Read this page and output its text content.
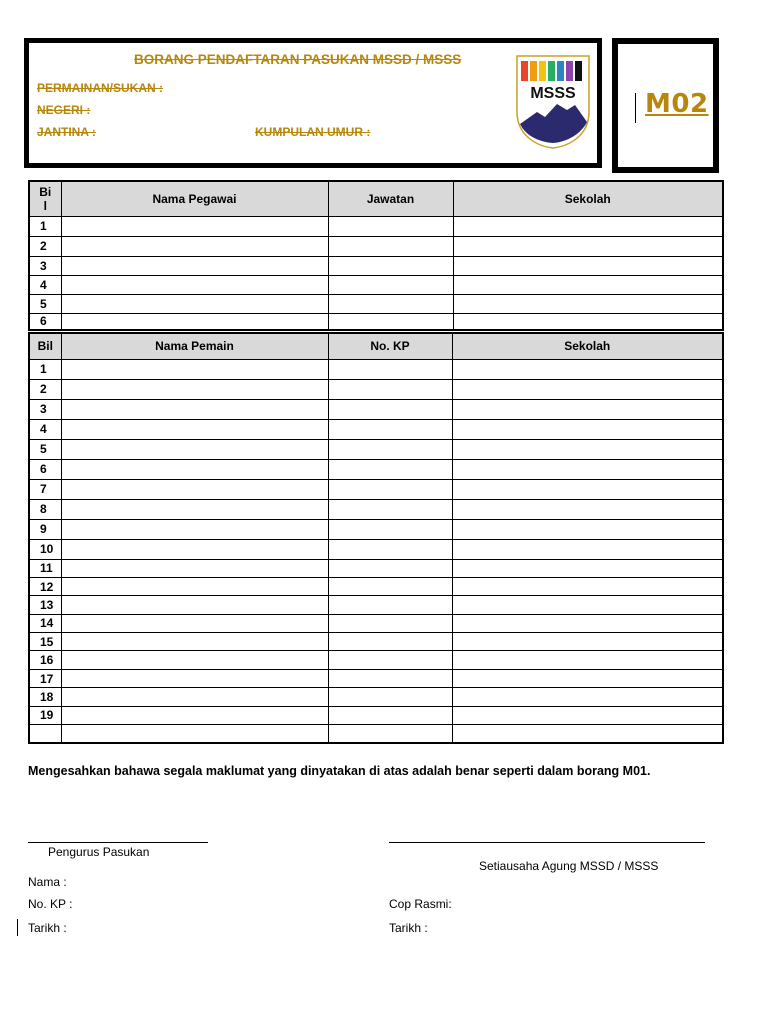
BORANG PENDAFTARAN PASUKAN MSSD / MSSS
PERMAINAN/SUKAN :
NEGERI :
JANTINA :	KUMPULAN UMUR :
MSSS	M02
Bi l	Nama Pegawai	Jawatan	Sekolah
1			
2			
3			
4			
5			
6			
Bil	Nama Pemain	No. KP	Sekolah
1			
2			
3			
4			
5			
6			
7			
8			
9			
10			
11			
12			
13			
14			
15			
16			
17			
18			
19			

Mengesahkan bahawa segala maklumat yang dinyatakan di atas adalah benar seperti dalam borang M01.
Pengurus Pasukan
Setiausaha Agung MSSD / MSSS
Nama :
No. KP :	Cop Rasmi:
Tarikh :	Tarikh :
